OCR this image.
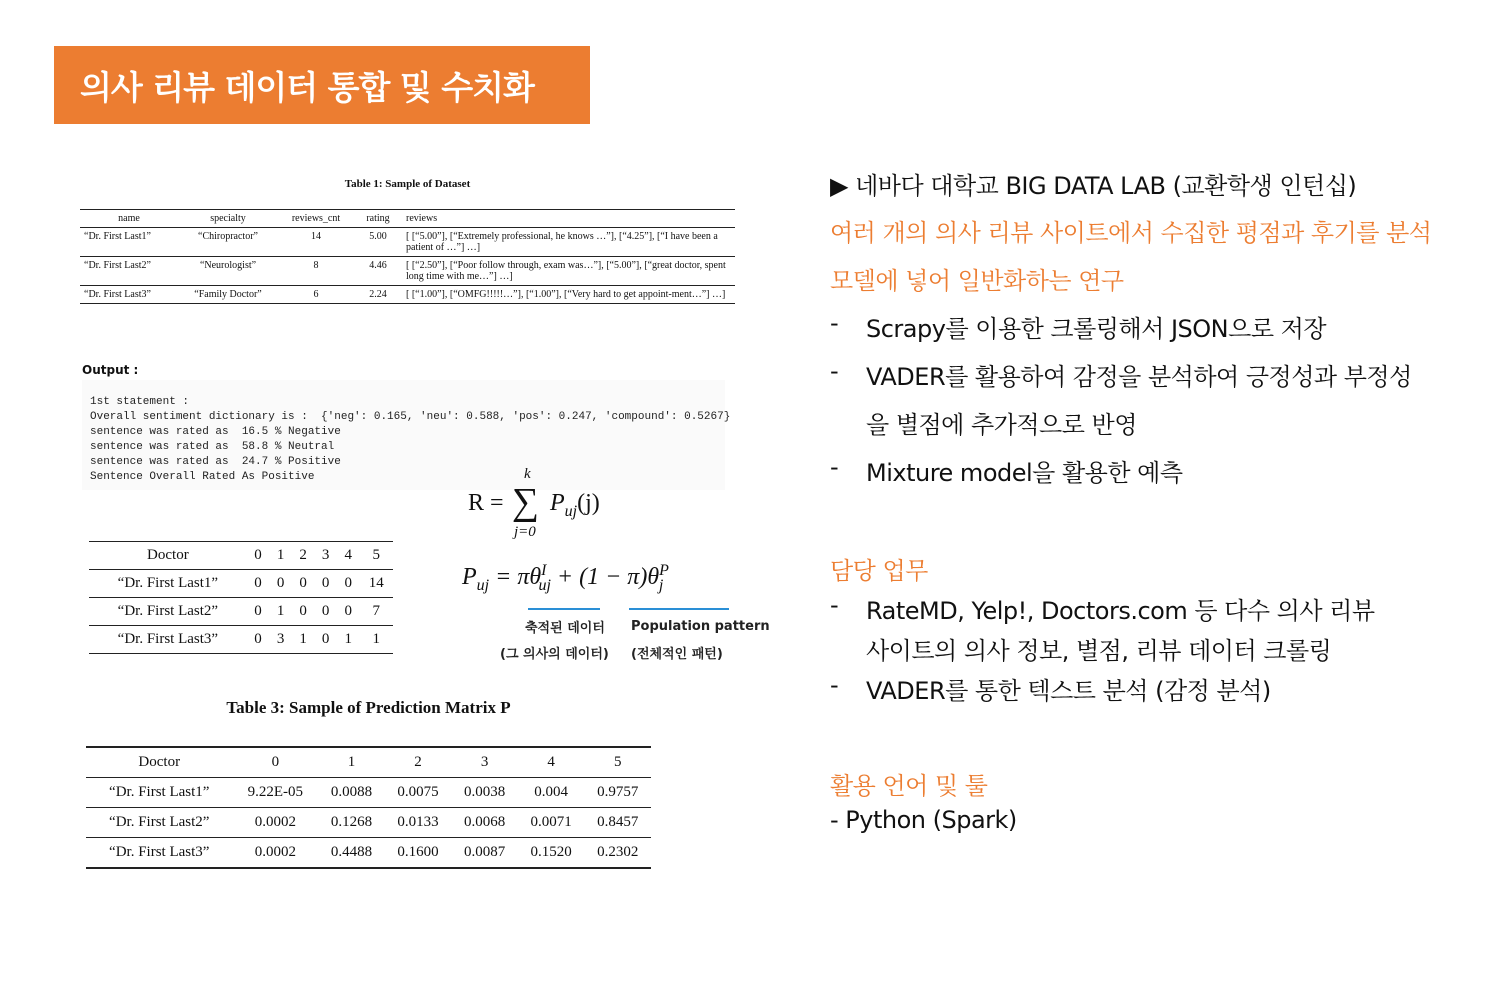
의사 리뷰 데이터 통합 및 수치화
Table 1: Sample of Dataset
name	specialty	reviews_cnt	rating	reviews
“Dr. First Last1”	“Chiropractor”	14	5.00	[ [“5.00”], [“Extremely professional, he knows …”], [“4.25”], [“I have been a patient of …”] …]
“Dr. First Last2”	“Neurologist”	8	4.46	[ [“2.50”], [“Poor follow through, exam was…”], [“5.00”], [“great doctor, spent long time with me…”] …]
“Dr. First Last3”	“Family Doctor”	6	2.24	[ [“1.00”], [“OMFG!!!!!…”], [“1.00”], [“Very hard to get appoint-ment…”] …]
Output :
1st statement :
Overall sentiment dictionary is :  {'neg': 0.165, 'neu': 0.588, 'pos': 0.247, 'compound': 0.5267}
sentence was rated as  16.5 % Negative
sentence was rated as  58.8 % Neutral
sentence was rated as  24.7 % Positive
Sentence Overall Rated As Positive
R = ∑
k
j=0
$P_{uj}(j)$
$P_{uj} = \pi\theta^I_{uj} + (1 - \pi)\theta^P_j$
축적된 데이터
(그 의사의 데이터)
Population pattern
(전체적인 패턴)
Doctor	0	1	2	3	4	5
“Dr. First Last1”	0	0	0	0	0	14
“Dr. First Last2”	0	1	0	0	0	7
“Dr. First Last3”	0	3	1	0	1	1
Table 3: Sample of Prediction Matrix P
Doctor	0	1	2	3	4	5
“Dr. First Last1”	9.22E-05	0.0088	0.0075	0.0038	0.004	0.9757
“Dr. First Last2”	0.0002	0.1268	0.0133	0.0068	0.0071	0.8457
“Dr. First Last3”	0.0002	0.4488	0.1600	0.0087	0.1520	0.2302
▶ 네바다 대학교 BIG DATA LAB (교환학생 인턴십)
여러 개의 의사 리뷰 사이트에서 수집한 평점과 후기를 분석
모델에 넣어 일반화하는 연구
- Scrapy를 이용한 크롤링해서 JSON으로 저장
- VADER를 활용하여 감정을 분석하여 긍정성과 부정성
을 별점에 추가적으로 반영
- Mixture model을 활용한 예측
담당 업무
- RateMD, Yelp!, Doctors.com 등 다수 의사 리뷰
사이트의 의사 정보, 별점, 리뷰 데이터 크롤링
- VADER를 통한 텍스트 분석 (감정 분석)
활용 언어 및 툴
- Python (Spark)
